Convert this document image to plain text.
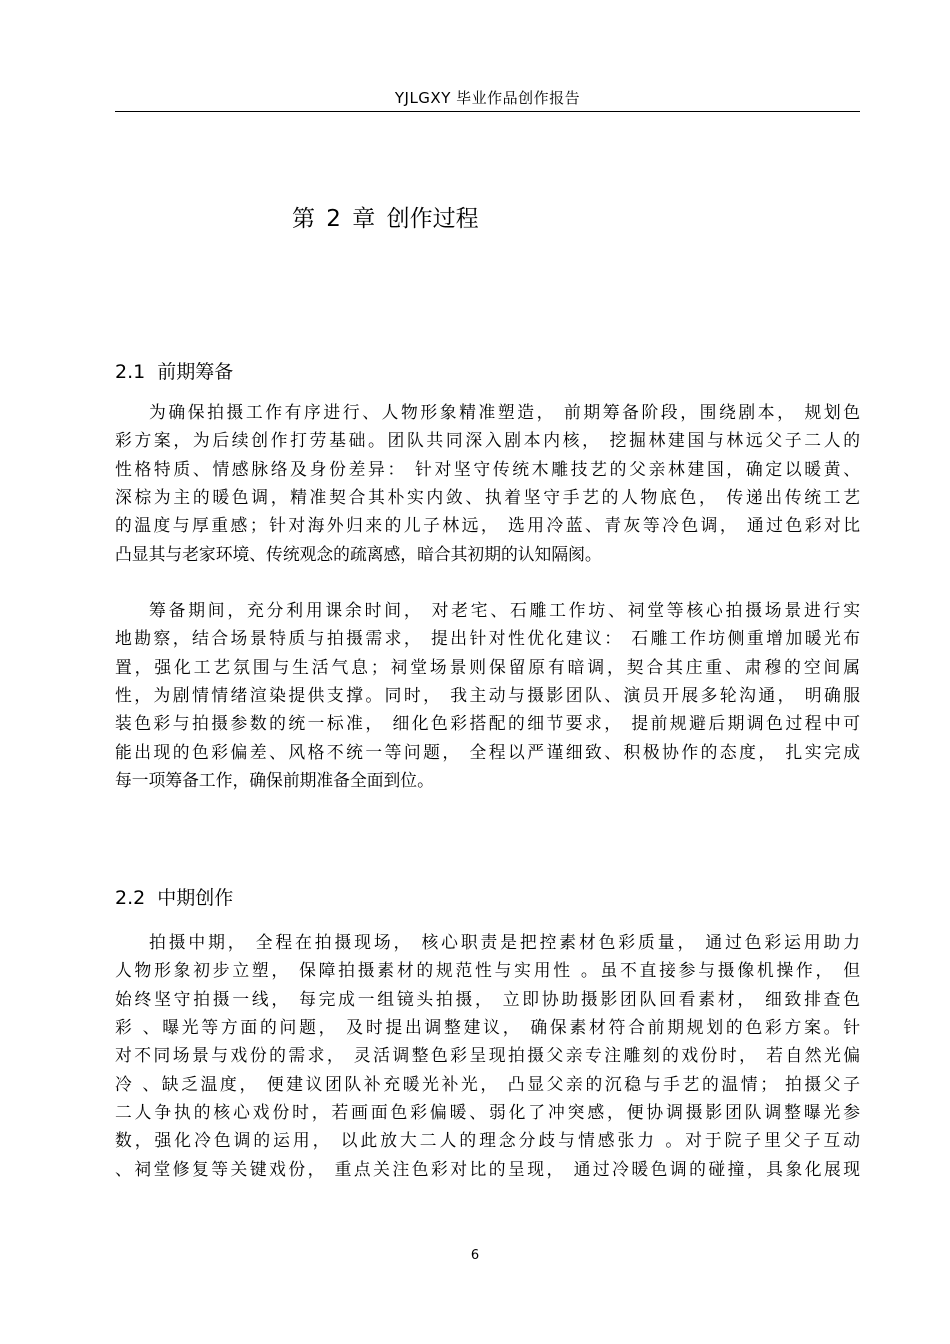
YJLGXY 毕业作品创作报告
第 2 章 创作过程
2.1 前期筹备
为确保拍摄工作有序进行、人物形象精准塑造， 前期筹备阶段，围绕剧本， 规划色
彩方案，为后续创作打劳基础。团队共同深入剧本内核， 挖掘林建国与林远父子二人的
性格特质、情感脉络及身份差异： 针对坚守传统木雕技艺的父亲林建国，确定以暖黄、
深棕为主的暖色调，精准契合其朴实内敛、执着坚守手艺的人物底色， 传递出传统工艺
的温度与厚重感；针对海外归来的儿子林远， 选用冷蓝、青灰等冷色调， 通过色彩对比
凸显其与老家环境、传统观念的疏离感，暗合其初期的认知隔阂。
筹备期间，充分利用课余时间， 对老宅、石雕工作坊、祠堂等核心拍摄场景进行实
地勘察，结合场景特质与拍摄需求， 提出针对性优化建议： 石雕工作坊侧重增加暖光布
置，强化工艺氛围与生活气息；祠堂场景则保留原有暗调，契合其庄重、肃穆的空间属
性，为剧情情绪渲染提供支撑。同时， 我主动与摄影团队、演员开展多轮沟通， 明确服
装色彩与拍摄参数的统一标准， 细化色彩搭配的细节要求， 提前规避后期调色过程中可
能出现的色彩偏差、风格不统一等问题， 全程以严谨细致、积极协作的态度， 扎实完成
每一项筹备工作，确保前期准备全面到位。
2.2 中期创作
拍摄中期， 全程在拍摄现场， 核心职责是把控素材色彩质量， 通过色彩运用助力
人物形象初步立塑， 保障拍摄素材的规范性与实用性 。虽不直接参与摄像机操作， 但
始终坚守拍摄一线， 每完成一组镜头拍摄， 立即协助摄影团队回看素材， 细致排查色
彩 、曝光等方面的问题， 及时提出调整建议， 确保素材符合前期规划的色彩方案。针
对不同场景与戏份的需求， 灵活调整色彩呈现拍摄父亲专注雕刻的戏份时， 若自然光偏
冷 、缺乏温度， 便建议团队补充暖光补光， 凸显父亲的沉稳与手艺的温情； 拍摄父子
二人争执的核心戏份时，若画面色彩偏暖、弱化了冲突感，便协调摄影团队调整曝光参
数，强化冷色调的运用， 以此放大二人的理念分歧与情感张力 。对于院子里父子互动
、祠堂修复等关键戏份， 重点关注色彩对比的呈现， 通过冷暖色调的碰撞，具象化展现
6
